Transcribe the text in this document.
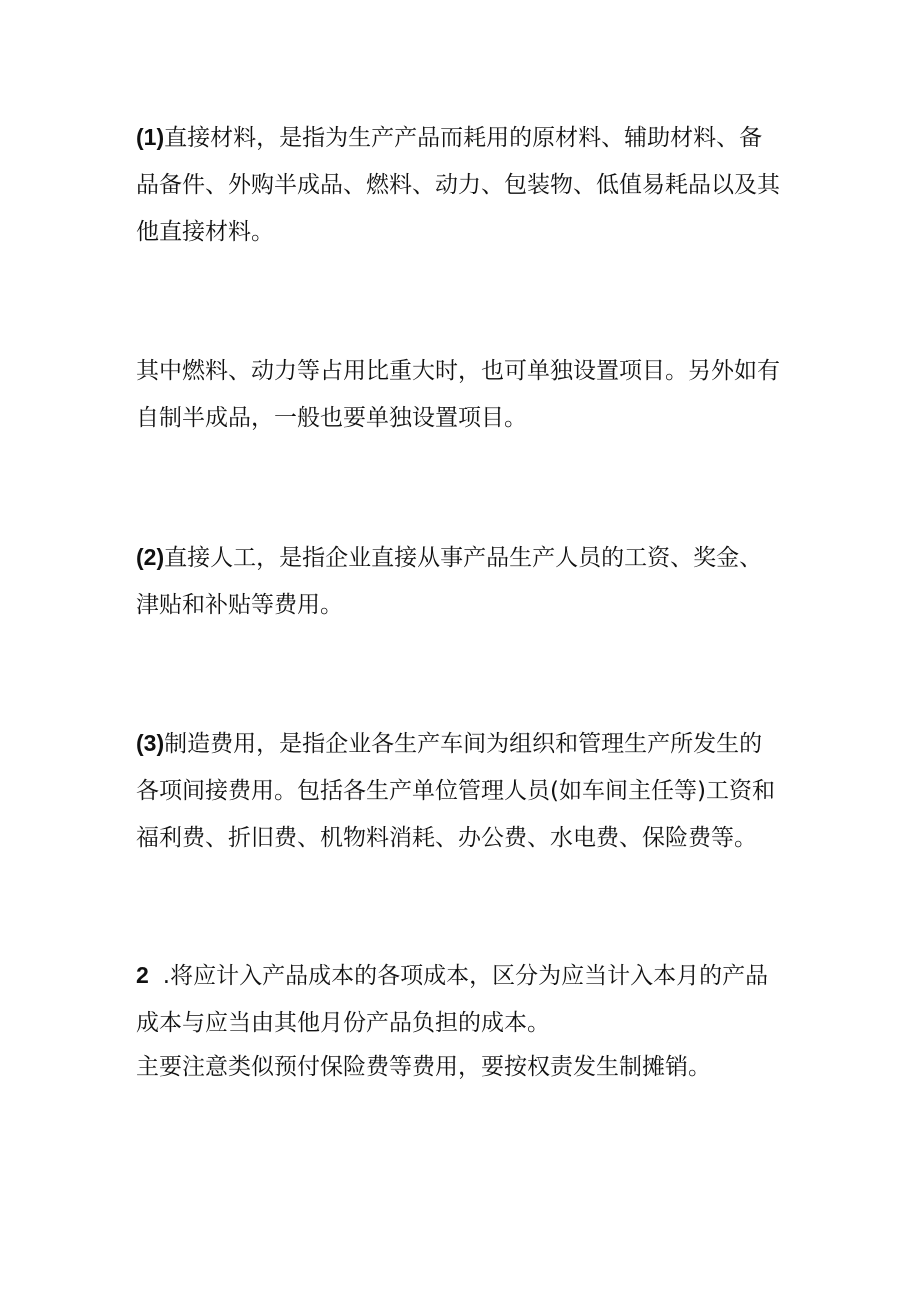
(1)直接材料，是指为生产产品而耗用的原材料、辅助材料、备
品备件、外购半成品、燃料、动力、包装物、低值易耗品以及其
他直接材料。
其中燃料、动力等占用比重大时，也可单独设置项目。另外如有
自制半成品，一般也要单独设置项目。
(2)直接人工，是指企业直接从事产品生产人员的工资、奖金、
津贴和补贴等费用。
(3)制造费用，是指企业各生产车间为组织和管理生产所发生的
各项间接费用。包括各生产单位管理人员(如车间主任等)工资和
福利费、折旧费、机物料消耗、办公费、水电费、保险费等。
2 .将应计入产品成本的各项成本，区分为应当计入本月的产品
成本与应当由其他月份产品负担的成本。
主要注意类似预付保险费等费用，要按权责发生制摊销。
